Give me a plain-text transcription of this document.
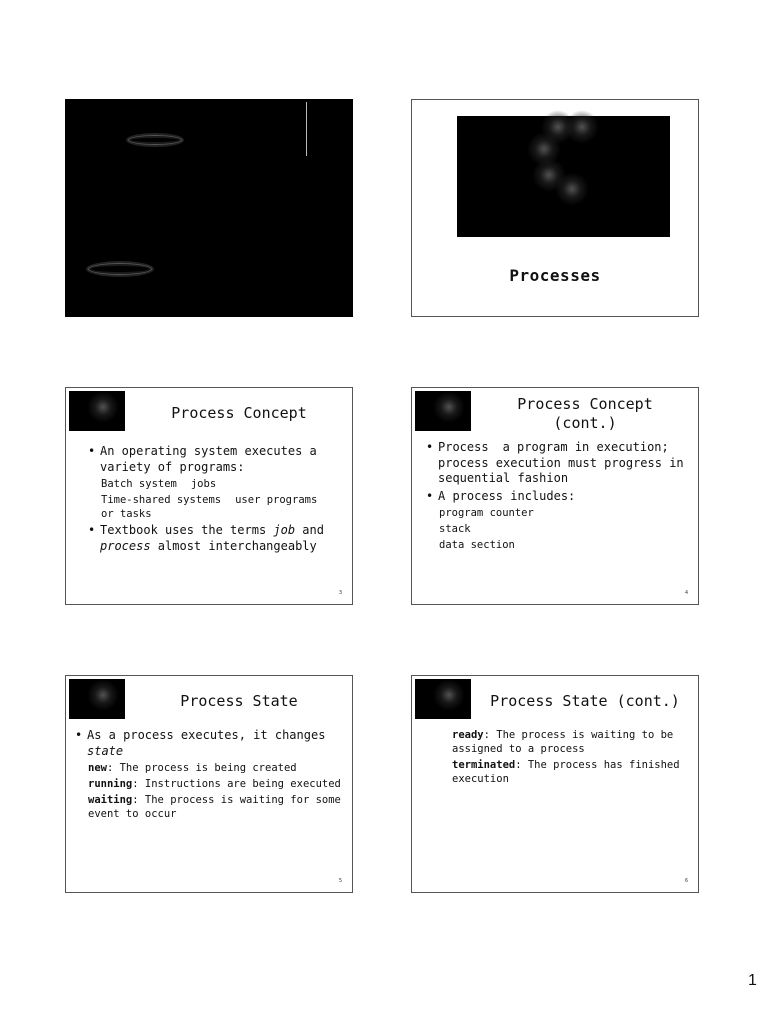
Processes
Process Concept
• An operating system executes a variety of programs:
Batch system jobs
Time-shared systems user programs or tasks
• Textbook uses the terms job and process almost interchangeably
3
Process Concept
(cont.)
• Process a program in execution; process execution must progress in sequential fashion
• A process includes:
program counter
stack
data section
4
Process State
• As a process executes, it changes state
new: The process is being created
running: Instructions are being executed
waiting: The process is waiting for some event to occur
5
Process State (cont.)
ready: The process is waiting to be assigned to a process
terminated: The process has finished execution
6
1
